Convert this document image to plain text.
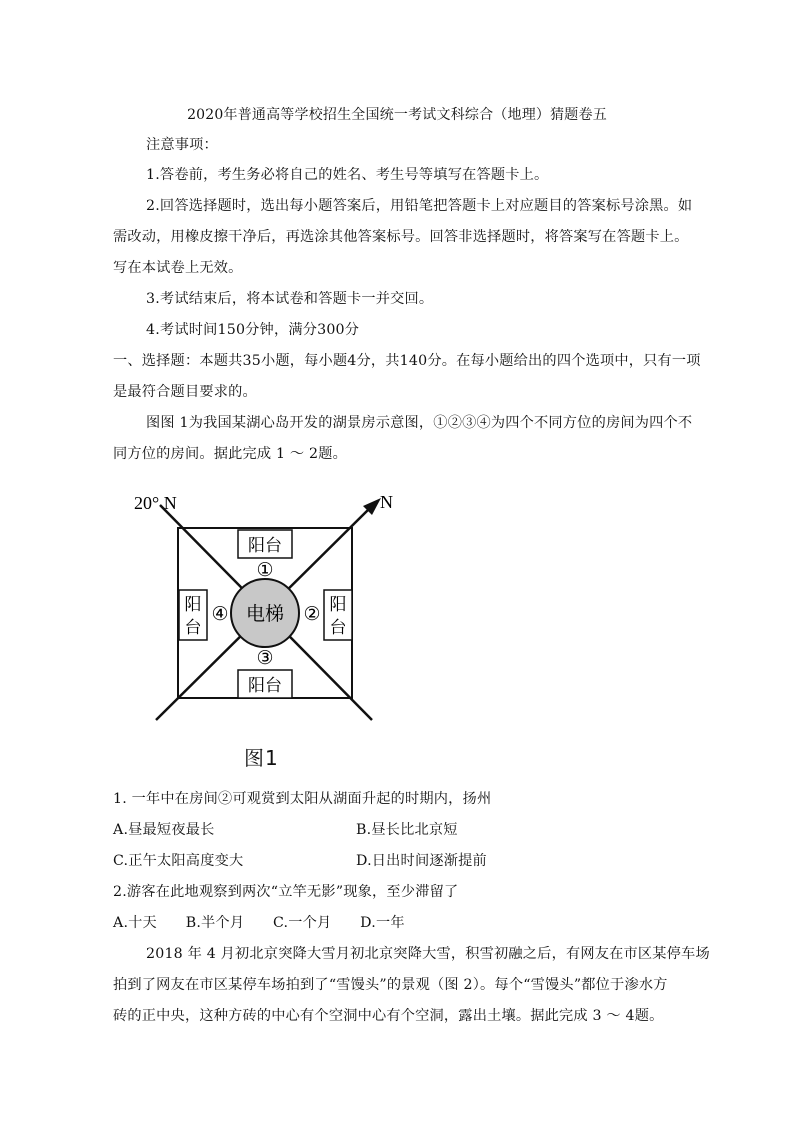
2020年普通高等学校招生全国统一考试文科综合（地理）猜题卷五
注意事项：
1.答卷前，考生务必将自己的姓名、考生号等填写在答题卡上。
2.回答选择题时，选出每小题答案后，用铅笔把答题卡上对应题目的答案标号涂黑。如
需改动，用橡皮擦干净后，再选涂其他答案标号。回答非选择题时，将答案写在答题卡上。
写在本试卷上无效。
3.考试结束后，将本试卷和答题卡一并交回。
4.考试时间150分钟，满分300分
一、选择题：本题共35小题，每小题4分，共140分。在每小题给出的四个选项中，只有一项
是最符合题目要求的。
图图 1为我国某湖心岛开发的湖景房示意图，①②③④为四个不同方位的房间为四个不
同方位的房间。据此完成 1 ～ 2题。
20° N	N
电梯
阳台
阳台
阳
台
阳
台
①
②
③
④
图1
1. 一年中在房间②可观赏到太阳从湖面升起的时期内，扬州
A.昼最短夜最长	B.昼长比北京短
C.正午太阳高度变大	D.日出时间逐渐提前
2.游客在此地观察到两次“立竿无影”现象，至少滞留了
A.十天　　B.半个月　　C.一个月　　D.一年
2018 年 4 月初北京突降大雪月初北京突降大雪，积雪初融之后，有网友在市区某停车场
拍到了网友在市区某停车场拍到了“雪馒头”的景观（图 2）。每个“雪馒头”都位于渗水方
砖的正中央，这种方砖的中心有个空洞中心有个空洞，露出土壤。据此完成 3 ～ 4题。
